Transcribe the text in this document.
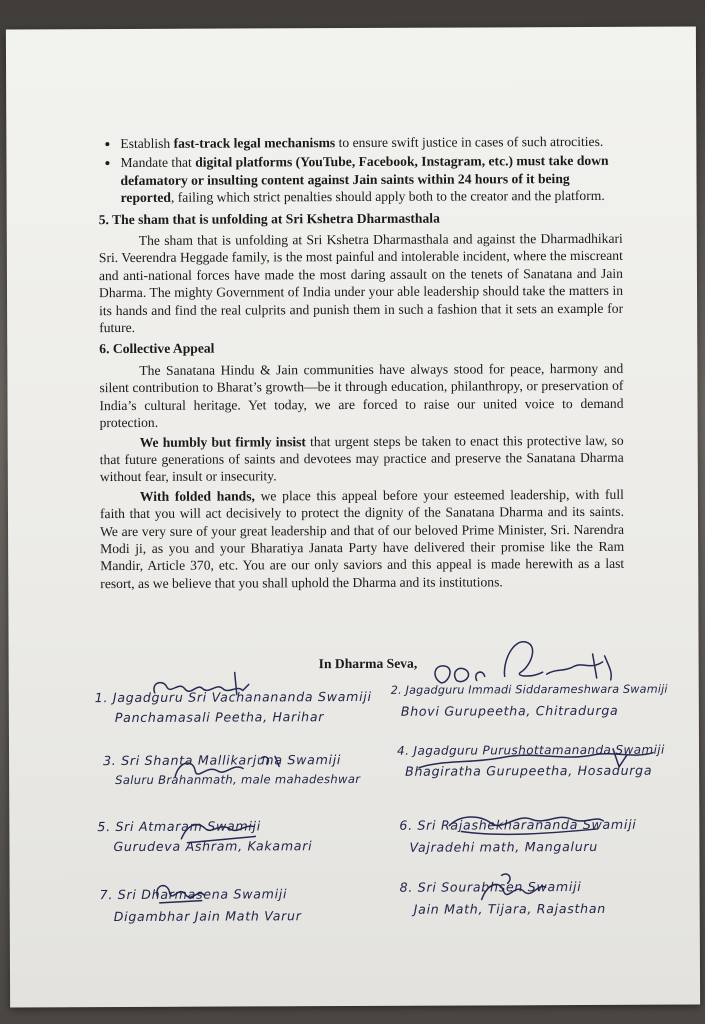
• Establish fast-track legal mechanisms to ensure swift justice in cases of such atrocities.
• Mandate that digital platforms (YouTube, Facebook, Instagram, etc.) must take down defamatory or insulting content against Jain saints within 24 hours of it being reported, failing which strict penalties should apply both to the creator and the platform.
5. The sham that is unfolding at Sri Kshetra Dharmasthala

The sham that is unfolding at Sri Kshetra Dharmasthala and against the Dharmadhikari Sri. Veerendra Heggade family, is the most painful and intolerable incident, where the miscreant and anti-national forces have made the most daring assault on the tenets of Sanatana and Jain Dharma. The mighty Government of India under your able leadership should take the matters in its hands and find the real culprits and punish them in such a fashion that it sets an example for future.

6. Collective Appeal

The Sanatana Hindu & Jain communities have always stood for peace, harmony and silent contribution to Bharat’s growth—be it through education, philanthropy, or preservation of India’s cultural heritage. Yet today, we are forced to raise our united voice to demand protection.

We humbly but firmly insist that urgent steps be taken to enact this protective law, so that future generations of saints and devotees may practice and preserve the Sanatana Dharma without fear, insult or insecurity.

With folded hands, we place this appeal before your esteemed leadership, with full faith that you will act decisively to protect the dignity of the Sanatana Dharma and its saints. We are very sure of your great leadership and that of our beloved Prime Minister, Sri. Narendra Modi ji, as you and your Bharatiya Janata Party have delivered their promise like the Ram Mandir, Article 370, etc. You are our only saviors and this appeal is made herewith as a last resort, as we believe that you shall uphold the Dharma and its institutions.

In Dharma Seva,
1. Jagadguru Sri Vachanananda Swamiji
Panchamasali Peetha, Harihar
2. Jagadguru Immadi Siddarameshwara Swamiji
Bhovi Gurupeetha, Chitradurga
3. Sri Shanta Mallikarjuna Swamiji
Saluru Brahanmath, male mahadeshwar
4. Jagadguru Purushottamananda Swamiji
Bhagiratha Gurupeetha, Hosadurga
5. Sri Atmaram Swamiji
Gurudeva Ashram, Kakamari
6. Sri Rajashekharananda Swamiji
Vajradehi math, Mangaluru
7. Sri Dharmasena Swamiji
Digambhar Jain Math Varur
8. Sri Sourabhsen Swamiji
Jain Math, Tijara, Rajasthan
